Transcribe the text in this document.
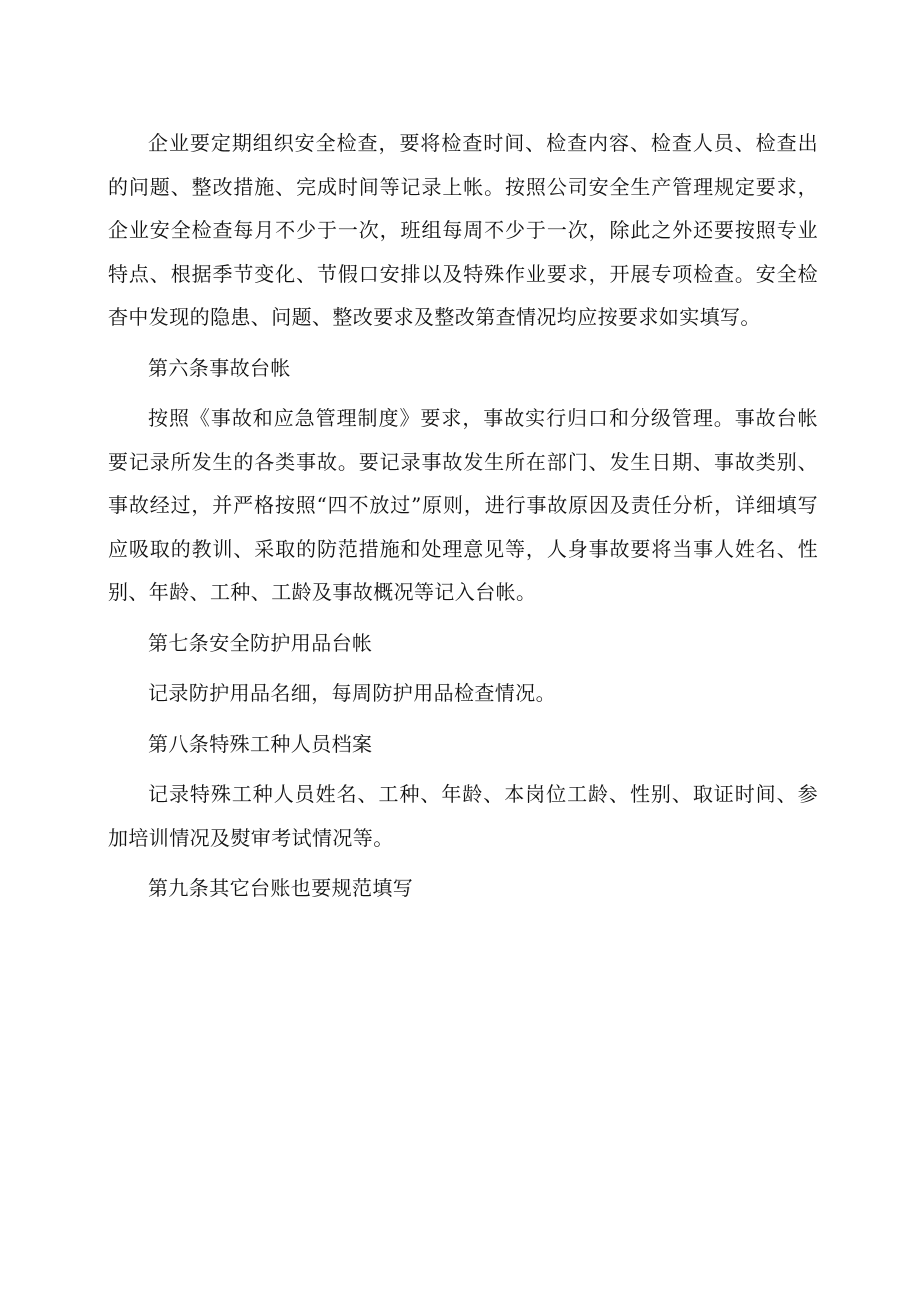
企业要定期组织安全检查，要将检查时间、检查内容、检查人员、检查出的问题、整改措施、完成时间等记录上帐。按照公司安全生产管理规定要求，企业安全检查每月不少于一次，班组每周不少于一次，除此之外还要按照专业特点、根据季节变化、节假口安排以及特殊作业要求，开展专项检查。安全检杳中发现的隐患、问题、整改要求及整改第查情况均应按要求如实填写。

第六条事故台帐

按照《事故和应急管理制度》要求，事故实行归口和分级管理。事故台帐要记录所发生的各类事故。要记录事故发生所在部门、发生日期、事故类别、事故经过，并严格按照“四不放过”原则，进行事故原因及责任分析，详细填写应吸取的教训、采取的防范措施和处理意见等，人身事故要将当事人姓名、性别、年龄、工种、工龄及事故概况等记入台帐。

第七条安全防护用品台帐

记录防护用品名细，每周防护用品检查情况。

第八条特殊工种人员档案

记录特殊工种人员姓名、工种、年龄、本岗位工龄、性别、取证时间、参加培训情况及熨审考试情况等。

第九条其它台账也要规范填写
